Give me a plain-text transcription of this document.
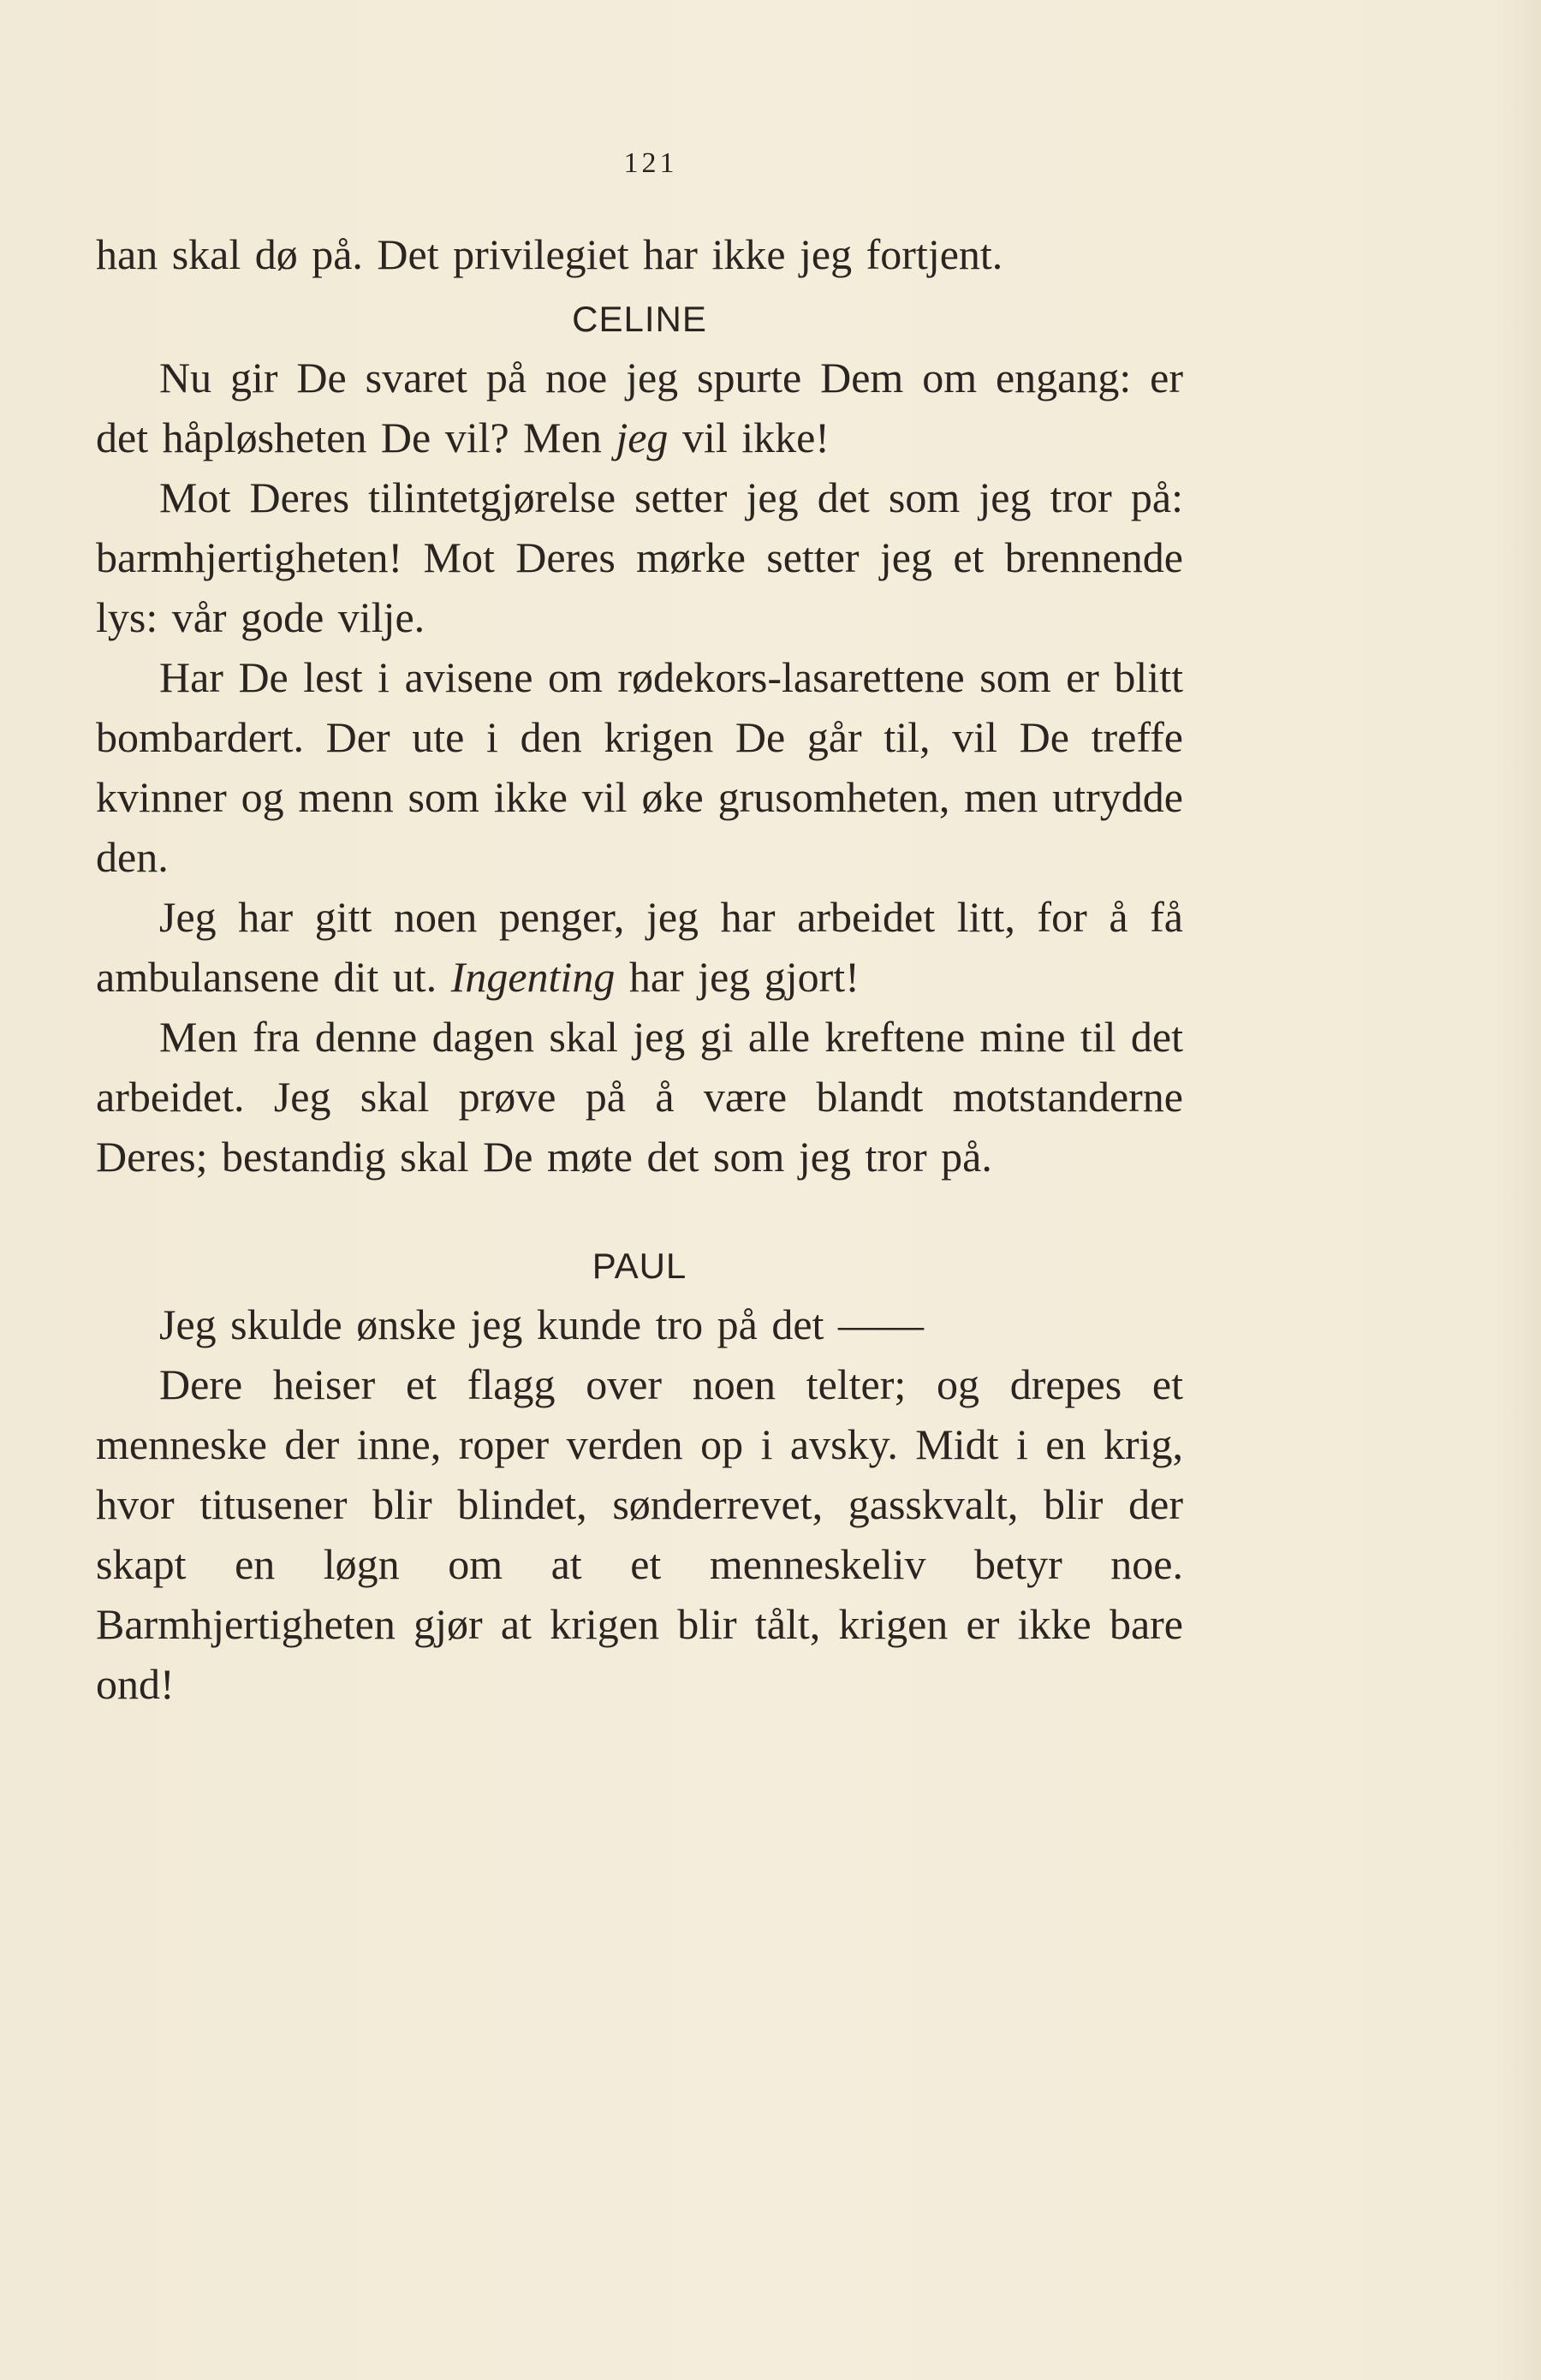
121

han skal dø på. Det privilegiet har ikke jeg fortjent.

CELINE

Nu gir De svaret på noe jeg spurte Dem om engang: er det håpløsheten De vil? Men jeg vil ikke!

Mot Deres tilintetgjørelse setter jeg det som jeg tror på: barmhjertigheten! Mot Deres mørke setter jeg et brennende lys: vår gode vilje.

Har De lest i avisene om rødekors-lasarettene som er blitt bombardert. Der ute i den krigen De går til, vil De treffe kvinner og menn som ikke vil øke grusomheten, men utrydde den.

Jeg har gitt noen penger, jeg har arbeidet litt, for å få ambulansene dit ut. Ingenting har jeg gjort!

Men fra denne dagen skal jeg gi alle kreftene mine til det arbeidet. Jeg skal prøve på å være blandt motstanderne Deres; bestandig skal De møte det som jeg tror på.

PAUL

Jeg skulde ønske jeg kunde tro på det ——

Dere heiser et flagg over noen telter; og drepes et menneske der inne, roper verden op i avsky. Midt i en krig, hvor titusener blir blindet, sønderrevet, gasskvalt, blir der skapt en løgn om at et menneskeliv betyr noe. Barmhjertigheten gjør at krigen blir tålt, krigen er ikke bare ond!
